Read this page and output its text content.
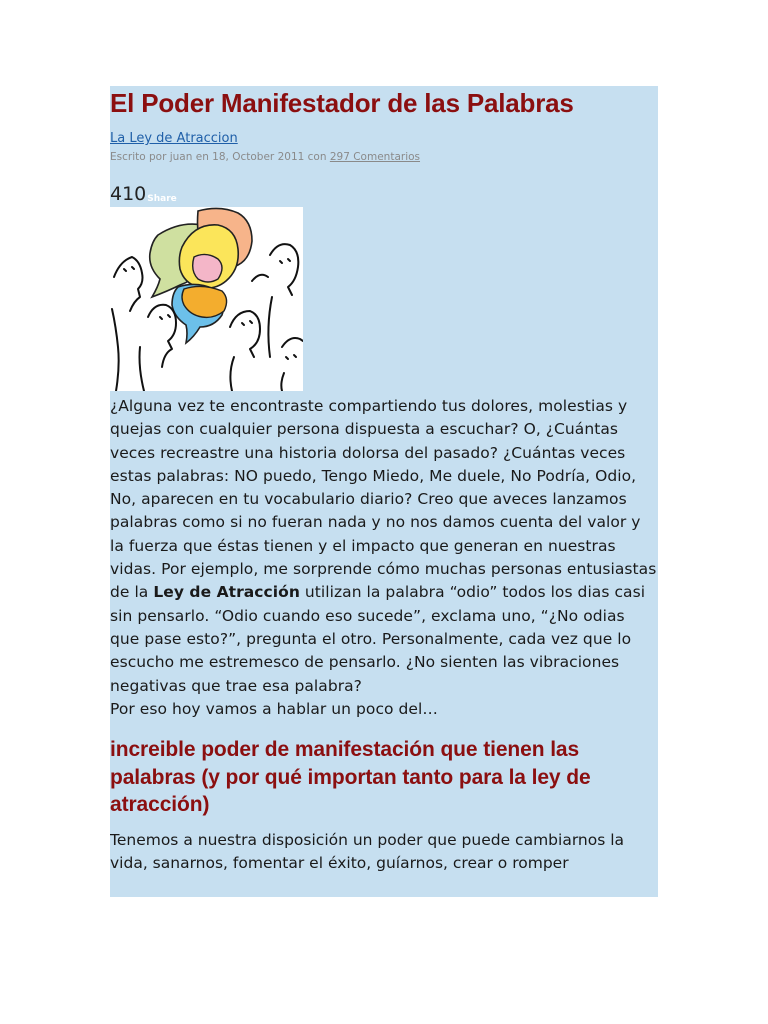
El Poder Manifestador de las Palabras
La Ley de Atraccion
Escrito por juan en 18, October 2011 con 297 Comentarios
410 Share

¿Alguna vez te encontraste compartiendo tus dolores, molestias y quejas con cualquier persona dispuesta a escuchar? O, ¿Cuántas veces recreastre una historia dolorsa del pasado? ¿Cuántas veces estas palabras: NO puedo, Tengo Miedo, Me duele, No Podría, Odio, No, aparecen en tu vocabulario diario? Creo que aveces lanzamos palabras como si no fueran nada y no nos damos cuenta del valor y la fuerza que éstas tienen y el impacto que generan en nuestras vidas. Por ejemplo, me sorprende cómo muchas personas entusiastas de la Ley de Atracción utilizan la palabra “odio” todos los dias casi sin pensarlo. “Odio cuando eso sucede”, exclama uno, “¿No odias que pase esto?”, pregunta el otro. Personalmente, cada vez que lo escucho me estremesco de pensarlo. ¿No sienten las vibraciones negativas que trae esa palabra?
Por eso hoy vamos a hablar un poco del…

increible poder de manifestación que tienen las palabras (y por qué importan tanto para la ley de atracción)

Tenemos a nuestra disposición un poder que puede cambiarnos la vida, sanarnos, fomentar el éxito, guíarnos, crear o romper
